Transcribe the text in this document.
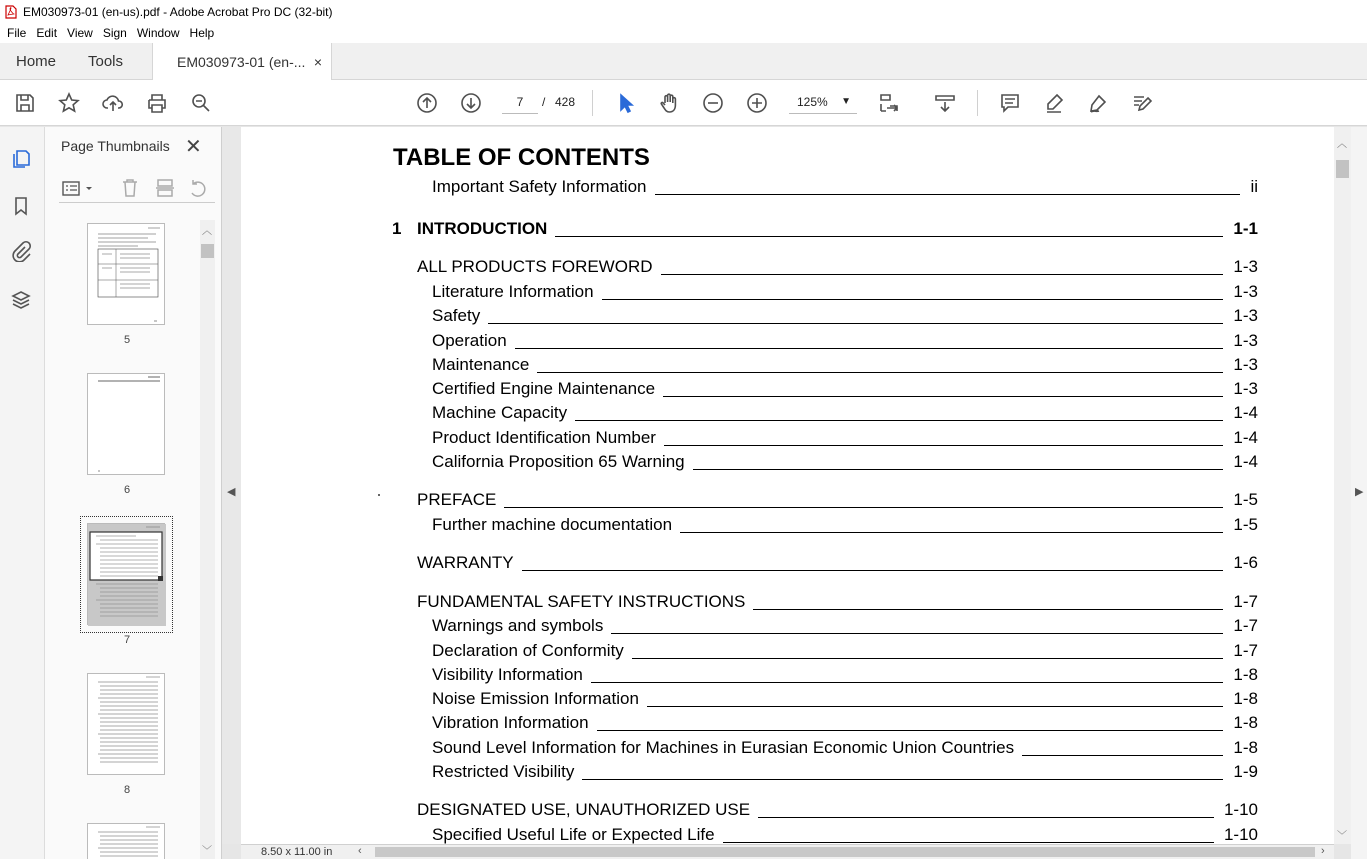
EM030973-01 (en-us).pdf - Adobe Acrobat Pro DC (32-bit)
File Edit View Sign Window Help
Home Tools	EM030973-01 (en-... ×
7	/ 428	125% ▼
Page Thumbnails ✕
5
6
7
8
︿
﹀
◀
TABLE OF CONTENTS
Important Safety Information	ii
1 INTRODUCTION	1-1
ALL PRODUCTS FOREWORD	1-3
Literature Information	1-3
Safety	1-3
Operation	1-3
Maintenance	1-3
Certified Engine Maintenance	1-3
Machine Capacity	1-4
Product Identification Number	1-4
California Proposition 65 Warning	1-4
PREFACE	1-5
Further machine documentation	1-5
WARRANTY	1-6
FUNDAMENTAL SAFETY INSTRUCTIONS	1-7
Warnings and symbols	1-7
Declaration of Conformity	1-7
Visibility Information	1-8
Noise Emission Information	1-8
Vibration Information	1-8
Sound Level Information for Machines in Eurasian Economic Union Countries	1-8
Restricted Visibility	1-9
DESIGNATED USE, UNAUTHORIZED USE	1-10
Specified Useful Life or Expected Life	1-10
︿
﹀
▶
8.50 x 11.00 in ‹	›
